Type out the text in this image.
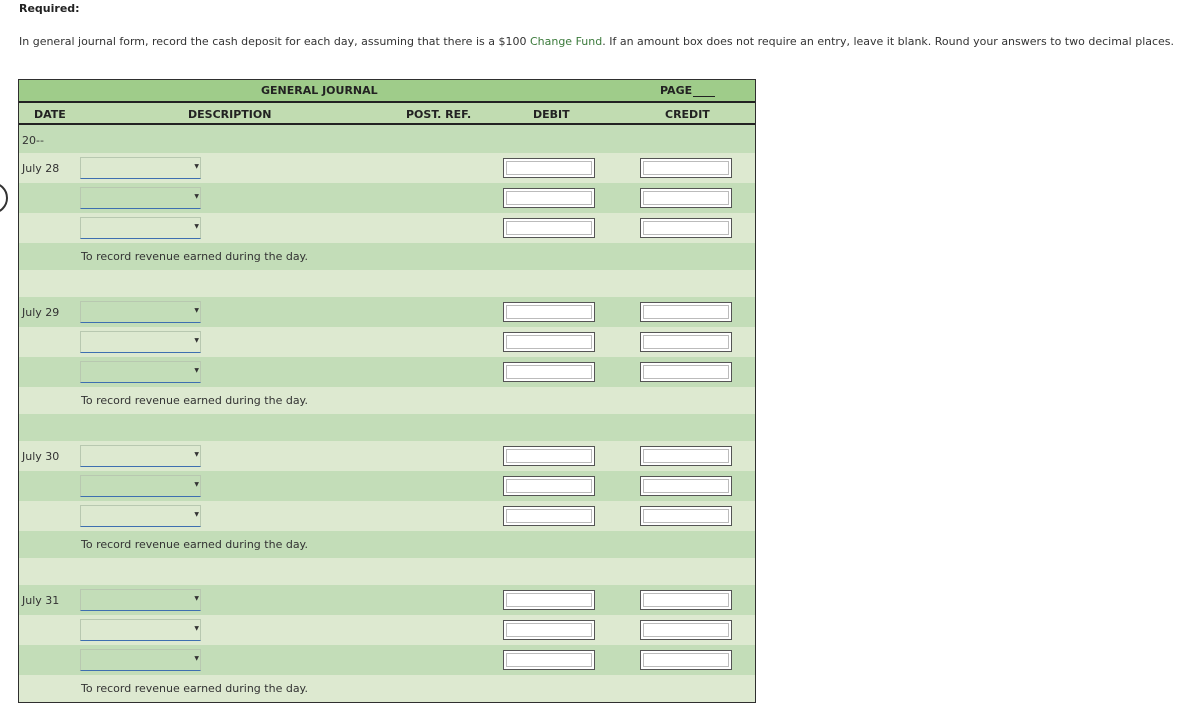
Required:
In general journal form, record the cash deposit for each day, assuming that there is a $100 Change Fund. If an amount box does not require an entry, leave it blank. Round your answers to two decimal places.
GENERAL JOURNAL	PAGE
DATE	DESCRIPTION	POST. REF.	DEBIT	CREDIT
20--
July 28	▼
▼
▼
To record revenue earned during the day.
July 29	▼
▼
▼
To record revenue earned during the day.
July 30	▼
▼
▼
To record revenue earned during the day.
July 31	▼
▼
▼
To record revenue earned during the day.
